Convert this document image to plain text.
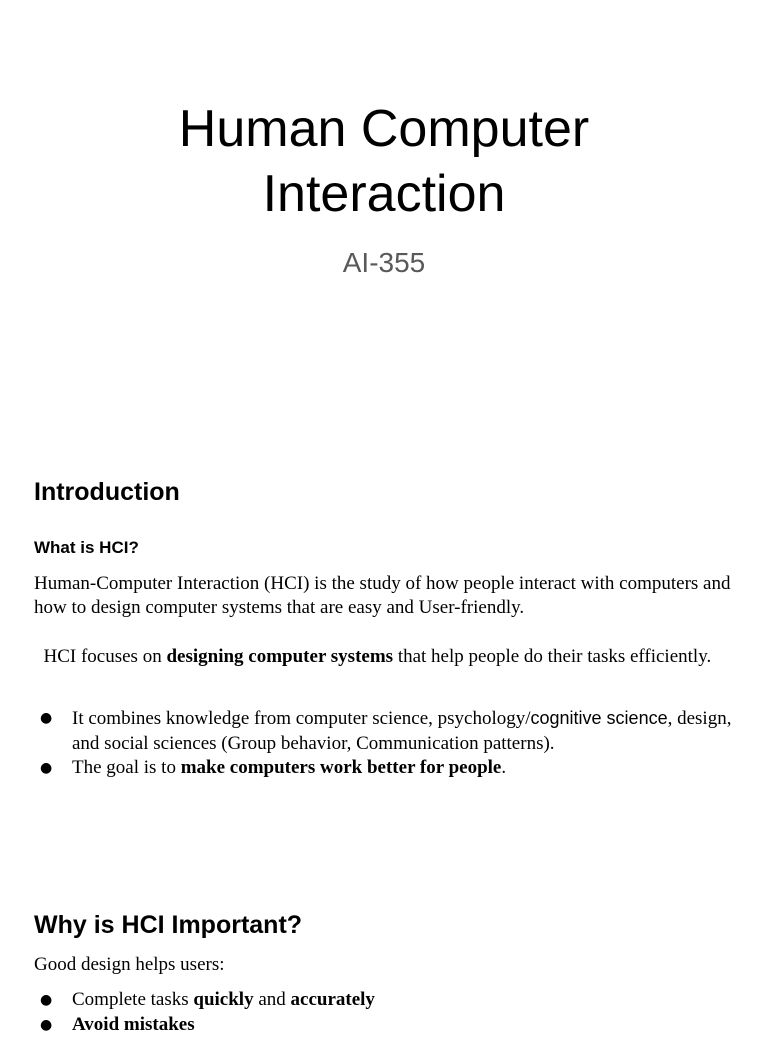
Human Computer
Interaction
AI-355
Introduction
What is HCI?

Human-Computer Interaction (HCI) is the study of how people interact with computers and how to design computer systems that are easy and User-friendly.

HCI focuses on designing computer systems that help people do their tasks efficiently.

● It combines knowledge from computer science, psychology/cognitive science, design, and social sciences (Group behavior, Communication patterns).
● The goal is to make computers work better for people.
Why is HCI Important?

Good design helps users:

● Complete tasks quickly and accurately
● Avoid mistakes
